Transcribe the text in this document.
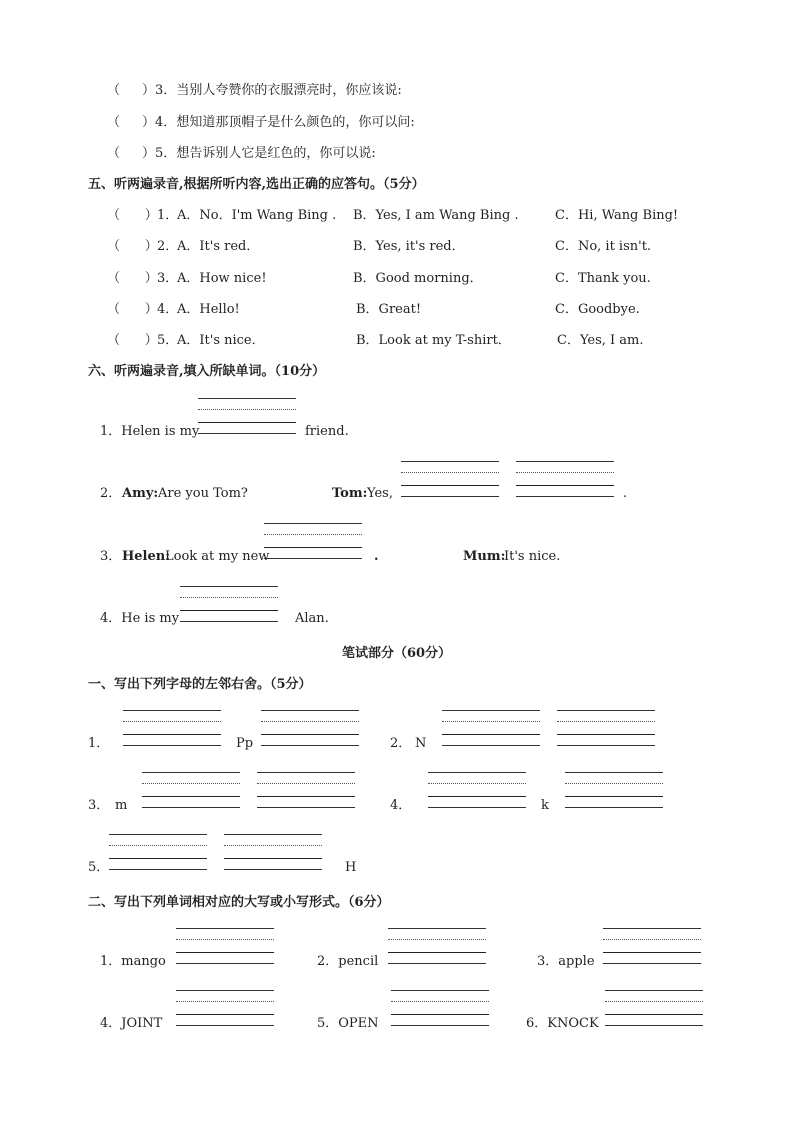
（ ）3．当别人夸赞你的衣服漂亮时，你应该说:
（ ）4．想知道那顶帽子是什么颜色的，你可以问:
（ ）5．想告诉别人它是红色的，你可以说:
五、听两遍录音,根据所听内容,选出正确的应答句。（5分）
（      ） 1．
A．No．I'm Wang Bing . B．Yes, I am Wang Bing .	C．Hi, Wang Bing!
（      ） 2．
A．It's red．	B．Yes, it's red．	C．No, it isn't.
（      ） 3．
A．How nice!	B．Good morning．	C．Thank you.
（      ） 4．
A．Hello!	B．Great!	C．Goodbye.
（      ） 5．
A．It's nice．	B．Look at my T-shirt．	C．Yes, I am.
六、听两遍录音,填入所缺单词。（10分）
1．Helen is my	friend.
2． Amy: Are you Tom?	Tom: Yes,	.
3． Helen:
Look at my new	.	Mum:
It's nice.
4．He is my	Alan.
笔试部分（60分）
一、写出下列字母的左邻右舍。（5分）
1．	Pp	2． N
3． m	4．	k
5．	H
二、写出下列单词相对应的大写或小写形式。（6分）
1．mango	2．pencil	3．apple
4．JOINT	5．OPEN	6．KNOCK
